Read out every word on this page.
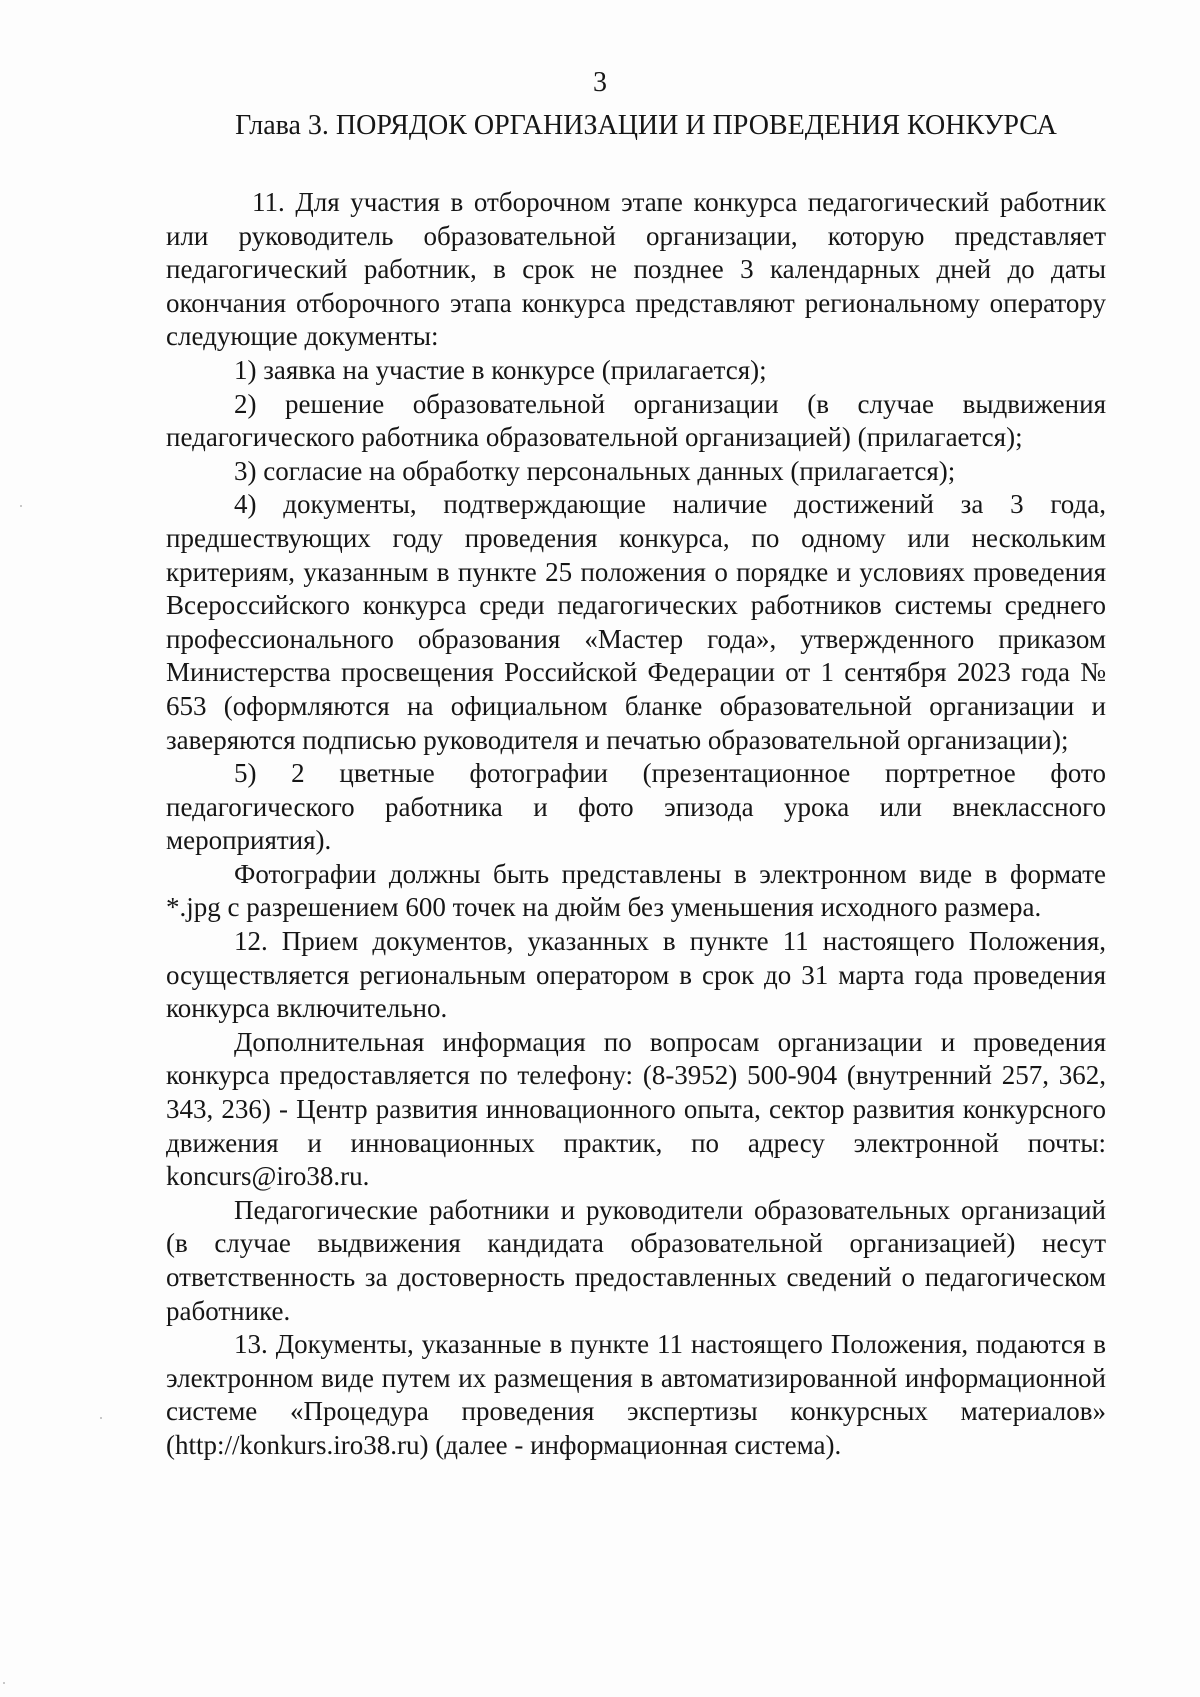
3
Глава 3. ПОРЯДОК ОРГАНИЗАЦИИ И ПРОВЕДЕНИЯ КОНКУРСА

11. Для участия в отборочном этапе конкурса педагогический работник или руководитель образовательной организации, которую представляет педагогический работник, в срок не позднее 3 календарных дней до даты окончания отборочного этапа конкурса представляют региональному оператору следующие документы:

1) заявка на участие в конкурсе (прилагается);

2) решение образовательной организации (в случае выдвижения педагогического работника образовательной организацией) (прилагается);

3) согласие на обработку персональных данных (прилагается);

4) документы, подтверждающие наличие достижений за 3 года, предшествующих году проведения конкурса, по одному или нескольким критериям, указанным в пункте 25 положения о порядке и условиях проведения Всероссийского конкурса среди педагогических работников системы среднего профессионального образования «Мастер года», утвержденного приказом Министерства просвещения Российской Федерации от 1 сентября 2023 года № 653 (оформляются на официальном бланке образовательной организации и заверяются подписью руководителя и печатью образовательной организации);

5) 2 цветные фотографии (презентационное портретное фото педагогического работника и фото эпизода урока или внеклассного мероприятия).

Фотографии должны быть представлены в электронном виде в формате *.jpg с разрешением 600 точек на дюйм без уменьшения исходного размера.

12. Прием документов, указанных в пункте 11 настоящего Положения, осуществляется региональным оператором в срок до 31 марта года проведения конкурса включительно.

Дополнительная информация по вопросам организации и проведения конкурса предоставляется по телефону: (8-3952) 500-904 (внутренний 257, 362, 343, 236) - Центр развития инновационного опыта, сектор развития конкурсного движения и инновационных практик, по адресу электронной почты: koncurs@iro38.ru.

Педагогические работники и руководители образовательных организаций (в случае выдвижения кандидата образовательной организацией) несут ответственность за достоверность предоставленных сведений о педагогическом работнике.

13. Документы, указанные в пункте 11 настоящего Положения, подаются в электронном виде путем их размещения в автоматизированной информационной системе «Процедура проведения экспертизы конкурсных материалов» (http://konkurs.iro38.ru) (далее - информационная система).
